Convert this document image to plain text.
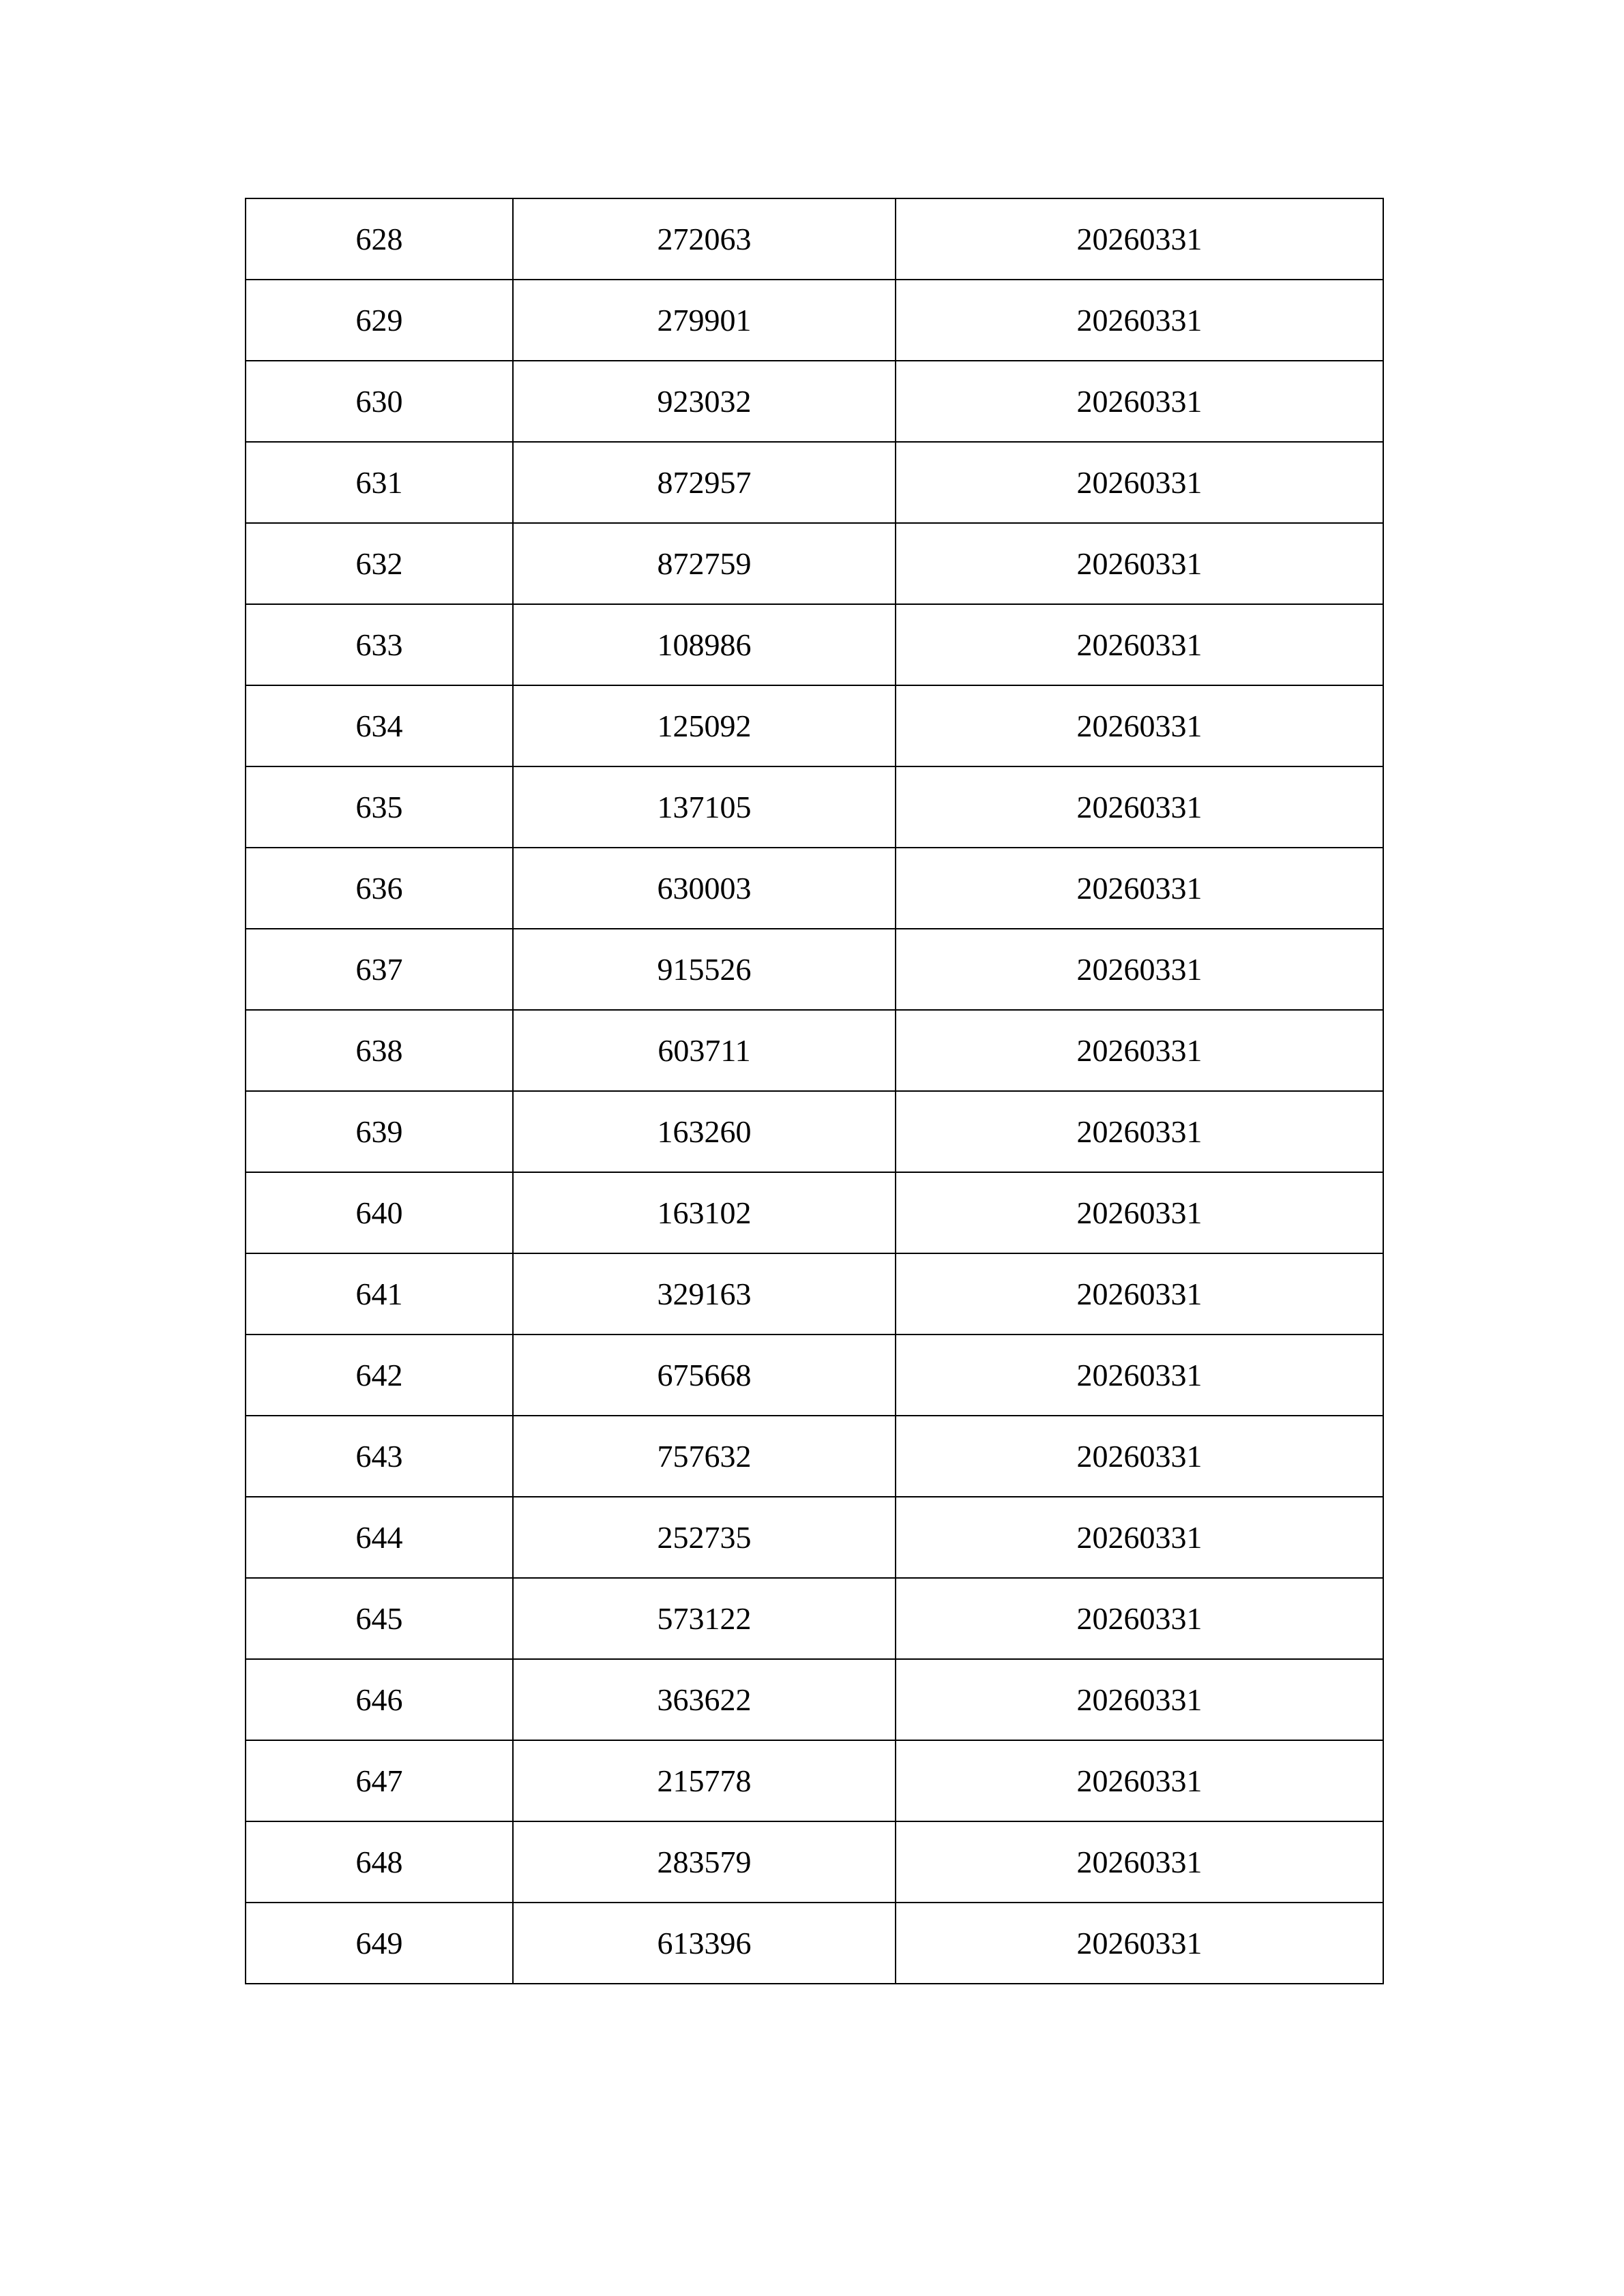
628	272063	20260331
629	279901	20260331
630	923032	20260331
631	872957	20260331
632	872759	20260331
633	108986	20260331
634	125092	20260331
635	137105	20260331
636	630003	20260331
637	915526	20260331
638	603711	20260331
639	163260	20260331
640	163102	20260331
641	329163	20260331
642	675668	20260331
643	757632	20260331
644	252735	20260331
645	573122	20260331
646	363622	20260331
647	215778	20260331
648	283579	20260331
649	613396	20260331
